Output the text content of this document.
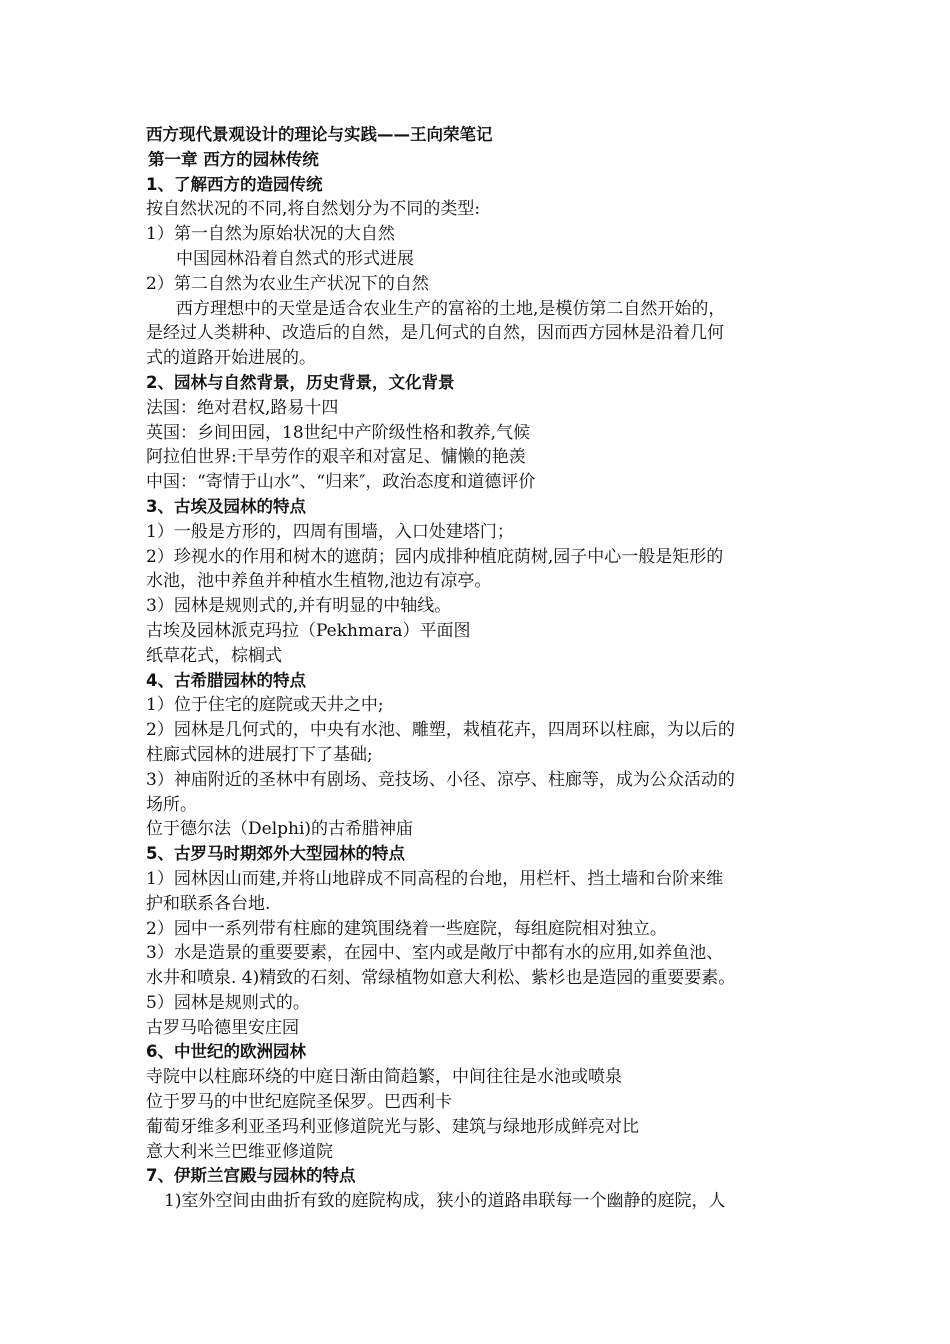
西方现代景观设计的理论与实践——王向荣笔记
第一章 西方的园林传统
1、了解西方的造园传统
按自然状况的不同,将自然划分为不同的类型:
1）第一自然为原始状况的大自然
中国园林沿着自然式的形式进展
2）第二自然为农业生产状况下的自然
西方理想中的天堂是适合农业生产的富裕的土地,是模仿第二自然开始的，
是经过人类耕种、改造后的自然，是几何式的自然，因而西方园林是沿着几何
式的道路开始进展的。
2、园林与自然背景，历史背景，文化背景
法国：绝对君权,路易十四
英国：乡间田园，18世纪中产阶级性格和教养,气候
阿拉伯世界:干旱劳作的艰辛和对富足、慵懒的艳羡
中国：“寄情于山水”、“归来″，政治态度和道德评价
3、古埃及园林的特点
1）一般是方形的，四周有围墙，入口处建塔门；
2）珍视水的作用和树木的遮荫；园内成排种植庇荫树,园子中心一般是矩形的
水池，池中养鱼并种植水生植物,池边有凉亭。
3）园林是规则式的,并有明显的中轴线。
古埃及园林派克玛拉（Pekhmara）平面图
纸草花式，棕榈式
4、古希腊园林的特点
1）位于住宅的庭院或天井之中;
2）园林是几何式的，中央有水池、雕塑，栽植花卉，四周环以柱廊，为以后的
柱廊式园林的进展打下了基础;
3）神庙附近的圣林中有剧场、竞技场、小径、凉亭、柱廊等，成为公众活动的
场所。
位于德尔法（Delphi)的古希腊神庙
5、古罗马时期郊外大型园林的特点
1）园林因山而建,并将山地辟成不同高程的台地，用栏杆、挡土墙和台阶来维
护和联系各台地.
2）园中一系列带有柱廊的建筑围绕着一些庭院，每组庭院相对独立。
3）水是造景的重要要素，在园中、室内或是敞厅中都有水的应用,如养鱼池、
水井和喷泉. 4)精致的石刻、常绿植物如意大利松、紫杉也是造园的重要要素。
5）园林是规则式的。
古罗马哈德里安庄园
6、中世纪的欧洲园林
寺院中以柱廊环绕的中庭日渐由简趋繁，中间往往是水池或喷泉
位于罗马的中世纪庭院圣保罗。巴西利卡
葡萄牙维多利亚圣玛利亚修道院光与影、建筑与绿地形成鲜亮对比
意大利米兰巴维亚修道院
7、伊斯兰宫殿与园林的特点
1)室外空间由曲折有致的庭院构成，狭小的道路串联每一个幽静的庭院，人
